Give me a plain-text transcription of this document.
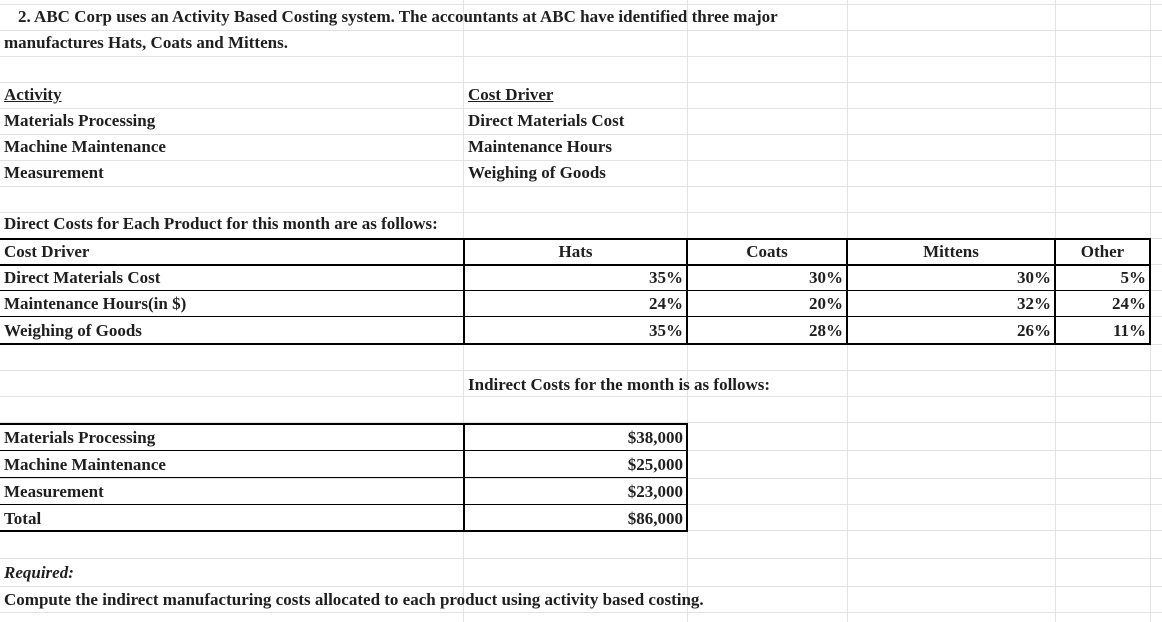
2. ABC Corp uses an Activity Based Costing system. The accountants at ABC have identified three major
manufactures Hats, Coats and Mittens.
Activity	Cost Driver
Materials Processing	Direct Materials Cost
Machine Maintenance	Maintenance Hours
Measurement	Weighing of Goods
Direct Costs for Each Product for this month are as follows:
Cost Driver	Hats	Coats	Mittens	Other
Direct Materials Cost	35%	30%	30%	5%
Maintenance Hours(in $)	24%	20%	32%	24%
Weighing of Goods	35%	28%	26%	11%
Indirect Costs for the month is as follows:
Materials Processing	$38,000
Machine Maintenance	$25,000
Measurement	$23,000
Total	$86,000
Required:
Compute the indirect manufacturing costs allocated to each product using activity based costing.
